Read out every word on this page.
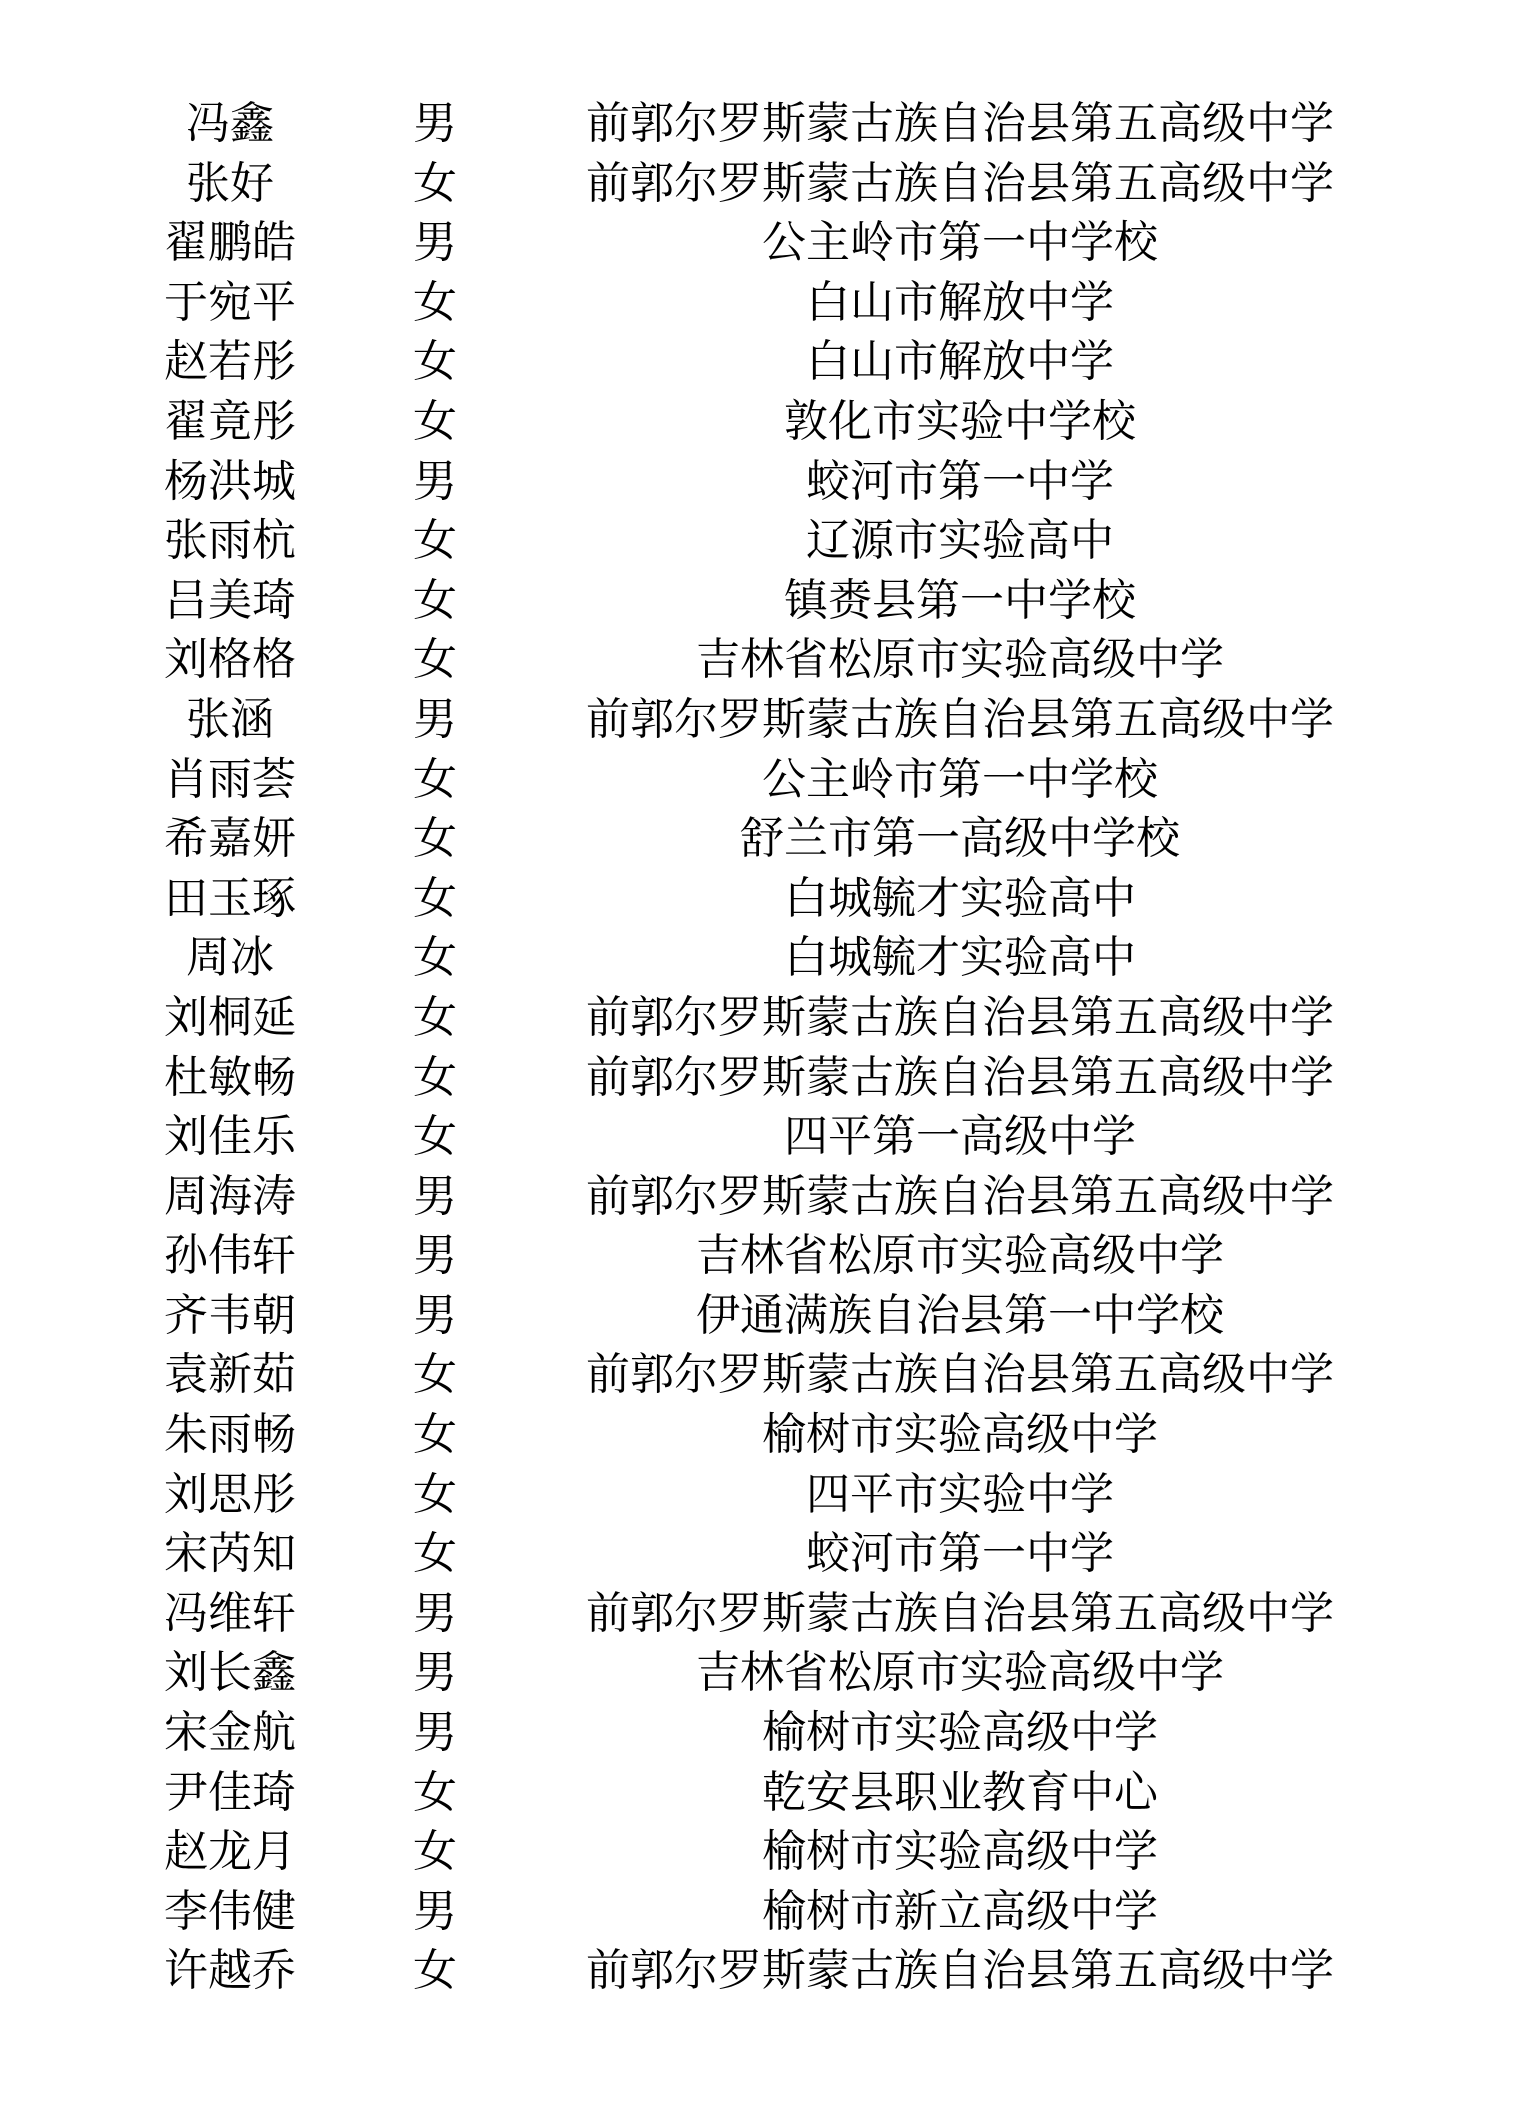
冯鑫	男	前郭尔罗斯蒙古族自治县第五高级中学
张好	女	前郭尔罗斯蒙古族自治县第五高级中学
翟鹏皓	男	公主岭市第一中学校
于宛平	女	白山市解放中学
赵若彤	女	白山市解放中学
翟竟彤	女	敦化市实验中学校
杨洪城	男	蛟河市第一中学
张雨杭	女	辽源市实验高中
吕美琦	女	镇赉县第一中学校
刘格格	女	吉林省松原市实验高级中学
张涵	男	前郭尔罗斯蒙古族自治县第五高级中学
肖雨荟	女	公主岭市第一中学校
希嘉妍	女	舒兰市第一高级中学校
田玉琢	女	白城毓才实验高中
周冰	女	白城毓才实验高中
刘桐延	女	前郭尔罗斯蒙古族自治县第五高级中学
杜敏畅	女	前郭尔罗斯蒙古族自治县第五高级中学
刘佳乐	女	四平第一高级中学
周海涛	男	前郭尔罗斯蒙古族自治县第五高级中学
孙伟轩	男	吉林省松原市实验高级中学
齐韦朝	男	伊通满族自治县第一中学校
袁新茹	女	前郭尔罗斯蒙古族自治县第五高级中学
朱雨畅	女	榆树市实验高级中学
刘思彤	女	四平市实验中学
宋芮知	女	蛟河市第一中学
冯维轩	男	前郭尔罗斯蒙古族自治县第五高级中学
刘长鑫	男	吉林省松原市实验高级中学
宋金航	男	榆树市实验高级中学
尹佳琦	女	乾安县职业教育中心
赵龙月	女	榆树市实验高级中学
李伟健	男	榆树市新立高级中学
许越乔	女	前郭尔罗斯蒙古族自治县第五高级中学
